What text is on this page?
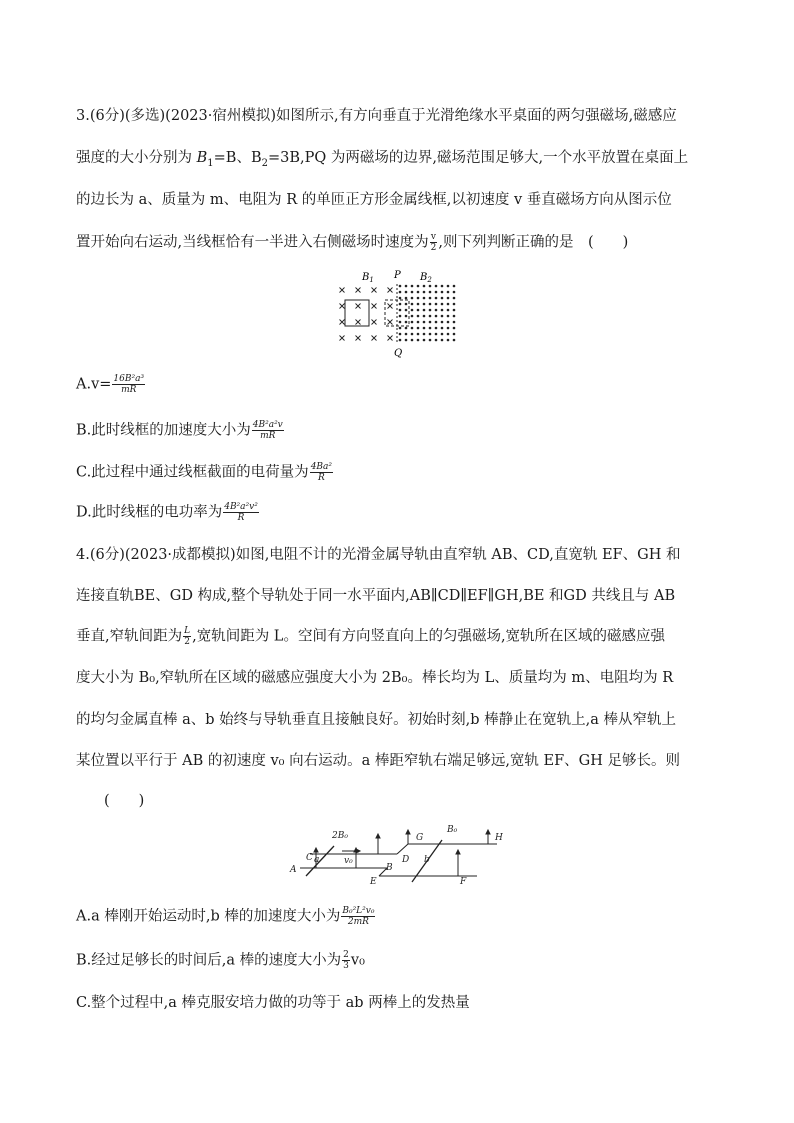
3.(6分)(多选)(2023·宿州模拟)如图所示,有方向垂直于光滑绝缘水平桌面的两匀强磁场,磁感应
强度的大小分别为 $B_1=B$、$B_2=3B,PQ$ 为两磁场的边界,磁场范围足够大,一个水平放置在桌面上
的边长为 a、质量为 m、电阻为 R 的单匝正方形金属线框,以初速度 v 垂直磁场方向从图示位
置开始向右运动,当线框恰有一半进入右侧磁场时速度为 $\frac{v}{2}$ ,则下列判断正确的是　(　　)
$B_1$ P $B_2$
Q
$A.v= \frac{\text{16B²a³}}{mR}$
B.此时线框的加速度大小为 $\frac{\text{4B²a²v}}{mR}$
C.此过程中通过线框截面的电荷量为 $\frac{\text{4Ba²}}{R}$
D.此时线框的电功率为 $\frac{\text{4B²a²v²}}{R}$
4.(6分)(2023·成都模拟)如图,电阻不计的光滑金属导轨由直窄轨 AB、CD,直宽轨 EF、GH 和
连接直轨BE、GD 构成,整个导轨处于同一水平面内,AB∥CD∥EF∥GH,BE 和GD 共线且与 AB
垂直,窄轨间距为 $\frac{L}{2}$ ,宽轨间距为 L。空间有方向竖直向上的匀强磁场,宽轨所在区域的磁感应强
度大小为 B₀,窄轨所在区域的磁感应强度大小为 2B₀。棒长均为 L、质量均为 m、电阻均为 R
的均匀金属直棒 a、b 始终与导轨垂直且接触良好。初始时刻,b 棒静止在宽轨上,a 棒从窄轨上
某位置以平行于 AB 的初速度 v₀ 向右运动。a 棒距窄轨右端足够远,宽轨 EF、GH 足够长。则
(　　)
C
A
a	v₀
2B₀
B
E
D
G
b
B₀
H
F
A.a 棒刚开始运动时,b 棒的加速度大小为 $\frac{\text{B₀²L²v₀}}{2mR}$
B.经过足够长的时间后,a 棒的速度大小为 $\frac{2}{3} v_0$
C.整个过程中,a 棒克服安培力做的功等于 ab 两棒上的发热量
